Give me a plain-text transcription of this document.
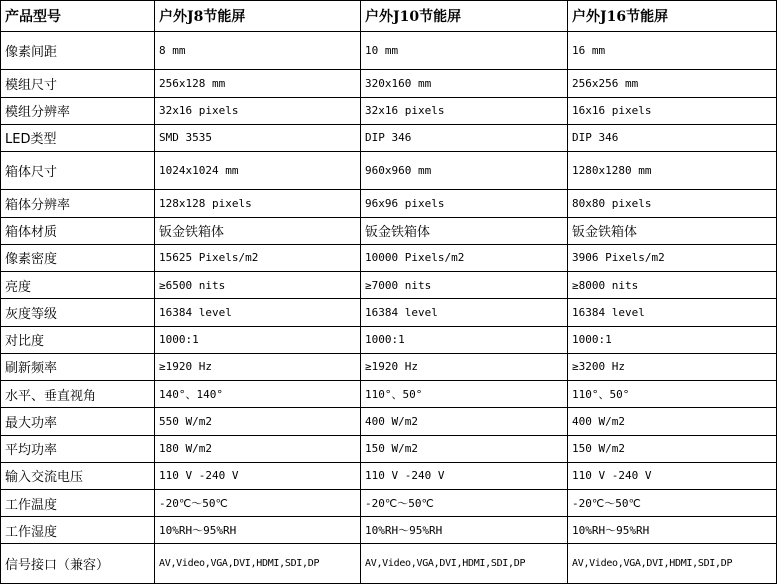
产品型号	户外J8节能屏	户外J10节能屏	户外J16节能屏
像素间距	8 mm	10 mm	16 mm
模组尺寸	256x128 mm	320x160 mm	256x256 mm
模组分辨率	32x16 pixels	32x16 pixels	16x16 pixels
LED类型	SMD 3535	DIP 346	DIP 346
箱体尺寸	1024x1024 mm	960x960 mm	1280x1280 mm
箱体分辨率	128x128 pixels	96x96 pixels	80x80 pixels
箱体材质	钣金铁箱体	钣金铁箱体	钣金铁箱体
像素密度	15625 Pixels/m2	10000 Pixels/m2	3906 Pixels/m2
亮度	≥6500 nits	≥7000 nits	≥8000 nits
灰度等级	16384 level	16384 level	16384 level
对比度	1000:1	1000:1	1000:1
刷新频率	≥1920 Hz	≥1920 Hz	≥3200 Hz
水平、垂直视角	140°、140°	110°、50°	110°、50°
最大功率	550 W/m2	400 W/m2	400 W/m2
平均功率	180 W/m2	150 W/m2	150 W/m2
输入交流电压	110 V -240 V	110 V -240 V	110 V -240 V
工作温度	-20℃～50℃	-20℃～50℃	-20℃～50℃
工作湿度	10%RH～95%RH	10%RH～95%RH	10%RH～95%RH
信号接口（兼容）	AV,Video,VGA,DVI,HDMI,SDI,DP	AV,Video,VGA,DVI,HDMI,SDI,DP	AV,Video,VGA,DVI,HDMI,SDI,DP
